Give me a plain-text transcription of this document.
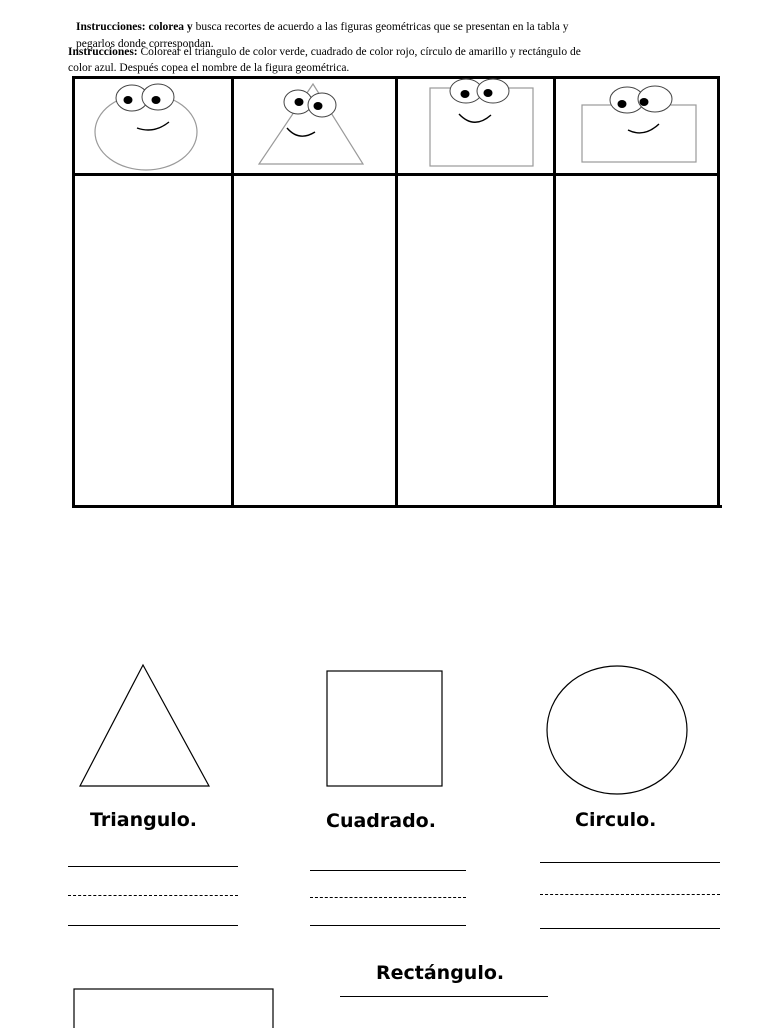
Instrucciones: colorea y busca recortes de acuerdo a las figuras geométricas que se presentan en la tabla y
pegarlos donde correspondan.
Instrucciones: Colorear el triangulo de color verde, cuadrado de color rojo, círculo de amarillo y rectángulo de
color azul. Después copea el nombre de la figura geométrica.
Triangulo.	Cuadrado.	Circulo.
Rectángulo.
